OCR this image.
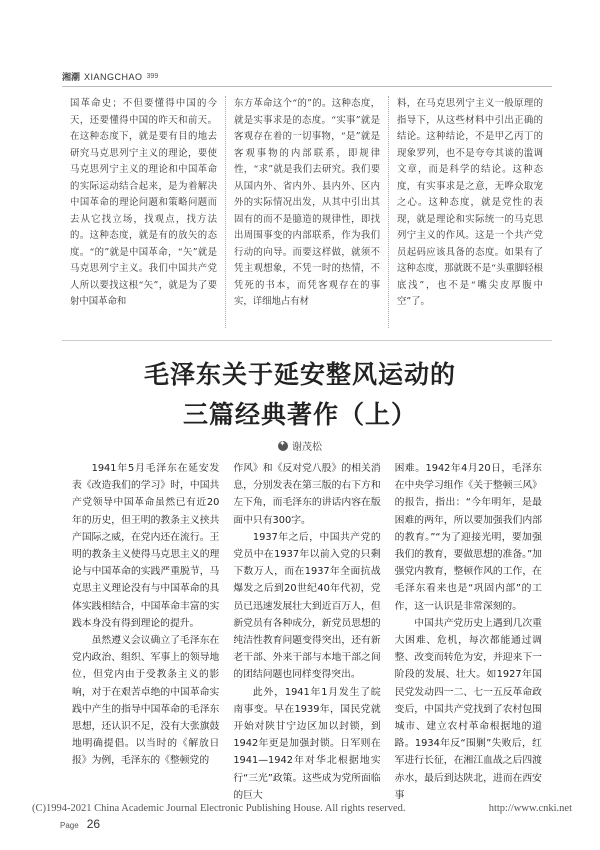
湘潮 XIANGCHAO 399
国革命史；不但要懂得中国的今天，还要懂得中国的昨天和前天。在这种态度下，就是要有目的地去研究马克思列宁主义的理论，要使马克思列宁主义的理论和中国革命的实际运动结合起来，是为着解决中国革命的理论问题和策略问题而去从它找立场，找观点，找方法的。这种态度，就是有的放矢的态度。“的”就是中国革命，“矢”就是马克思列宁主义。我们中国共产党人所以要找这根“矢”，就是为了要射中国革命和
东方革命这个“的”的。这种态度，就是实事求是的态度。“实事”就是客观存在着的一切事物，“是”就是客观事物的内部联系，即规律性，“求”就是我们去研究。我们要从国内外、省内外、县内外、区内外的实际情况出发，从其中引出其固有的而不是臆造的规律性，即找出周围事变的内部联系，作为我们行动的向导。而要这样做，就须不凭主观想象，不凭一时的热情，不凭死的书本，而凭客观存在的事实，详细地占有材
料，在马克思列宁主义一般原理的指导下，从这些材料中引出正确的结论。这种结论，不是甲乙丙丁的现象罗列，也不是夸夸其谈的滥调文章，而是科学的结论。这种态度，有实事求是之意，无哗众取宠之心。这种态度，就是党性的表现，就是理论和实际统一的马克思列宁主义的作风。这是一个共产党员起码应该具备的态度。如果有了这种态度，那就既不是“头重脚轻根底浅”，也不是“嘴尖皮厚腹中空”了。
毛泽东关于延安整风运动的
三篇经典著作（上）
✦
谢茂松

1941年5月毛泽东在延安发表《改造我们的学习》时，中国共产党领导中国革命虽然已有近20年的历史，但王明的教条主义挟共产国际之威，在党内还在流行。王明的教条主义使得马克思主义的理论与中国革命的实践严重脱节，马克思主义理论没有与中国革命的具体实践相结合，中国革命丰富的实践本身没有得到理论的提升。

虽然遵义会议确立了毛泽东在党内政治、组织、军事上的领导地位，但党内由于受教条主义的影响，对于在艰苦卓绝的中国革命实践中产生的指导中国革命的毛泽东思想，还认识不足，没有大张旗鼓地明确提倡。以当时的《解放日报》为例，毛泽东的《整顿党的

作风》和《反对党八股》的相关消息，分别发表在第三版的右下方和左下角，而毛泽东的讲话内容在版面中只有300字。

1937年之后，中国共产党的党员中在1937年以前入党的只剩下数万人，而在1937年全面抗战爆发之后到20世纪40年代初，党员已迅速发展壮大到近百万人，但新党员有各种成分，新党员思想的纯洁性教育问题变得突出，还有新老干部、外来干部与本地干部之间的团结问题也同样变得突出。

此外，1941年1月发生了皖南事变。早在1939年，国民党就开始对陕甘宁边区加以封锁，到1942年更是加强封锁。日军则在1941—1942年对华北根据地实行“三光”政策。这些成为党所面临的巨大

困难。1942年4月20日，毛泽东在中央学习组作《关于整顿三风》的报告，指出：“今年明年，是最困难的两年，所以要加强我们内部的教育。”“为了迎接光明，要加强我们的教育，要做思想的准备。”加强党内教育，整顿作风的工作，在毛泽东看来也是“巩固内部”的工作，这一认识是非常深刻的。

中国共产党历史上遇到几次重大困难、危机，每次都能通过调整、改变而转危为安，并迎来下一阶段的发展、壮大。如1927年国民党发动四一二、七一五反革命政变后，中国共产党找到了农村包围城市、建立农村革命根据地的道路。1934年反“围剿”失败后，红军进行长征，在湘江血战之后四渡赤水，最后到达陕北，进而在西安事

(C)1994-2021 China Academic Journal Electronic Publishing House. All rights reserved.	http://www.cnki.net
Page 26
